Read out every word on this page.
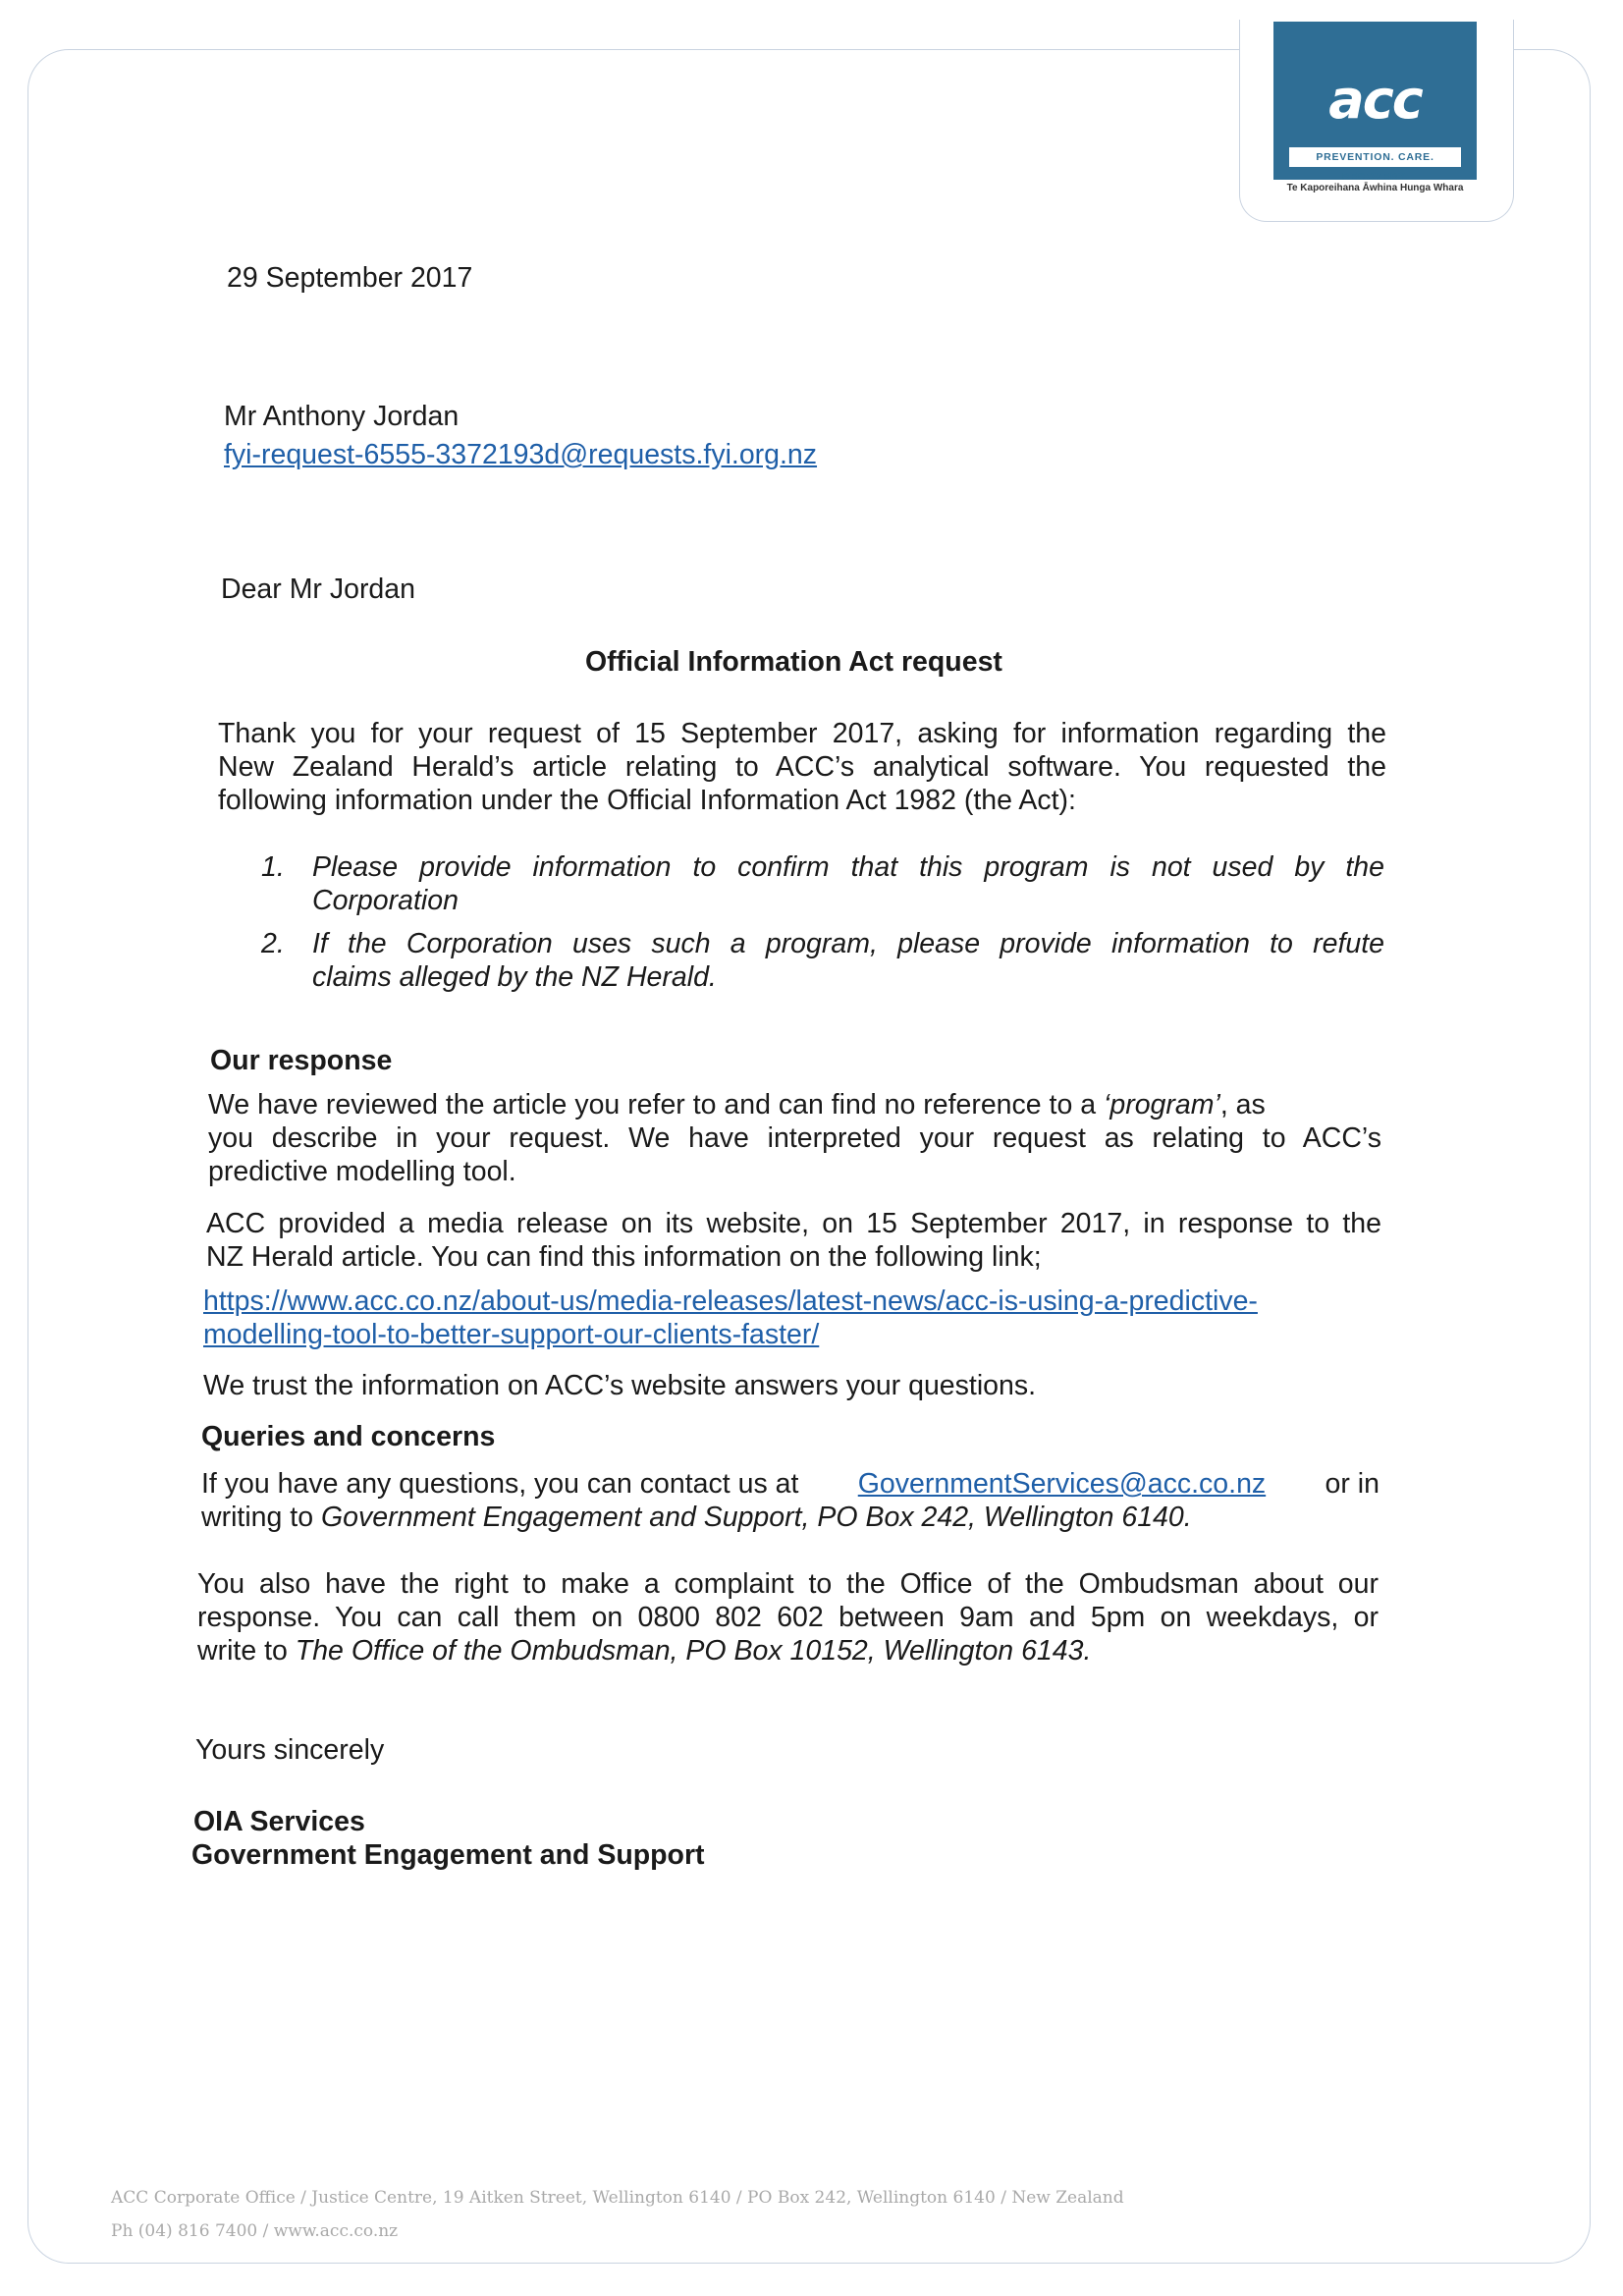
acc
PREVENTION. CARE. RECOVERY.
Te Kaporeihana Āwhina Hunga Whara
29 September 2017
Mr Anthony Jordan
fyi-request-6555-3372193d@requests.fyi.org.nz
Dear Mr Jordan
Official Information Act request
Thank you for your request of 15 September 2017, asking for information regarding the
New Zealand Herald’s article relating to ACC’s analytical software. You requested the
following information under the Official Information Act 1982 (the Act):
1. Please provide information to confirm that this program is not used by the
Corporation
2. If the Corporation uses such a program, please provide information to refute
claims alleged by the NZ Herald.
Our response
We have reviewed the article you refer to and can find no reference to a ‘program’, as
you describe in your request. We have interpreted your request as relating to ACC’s
predictive modelling tool.
ACC provided a media release on its website, on 15 September 2017, in response to the
NZ Herald article. You can find this information on the following link;
https://www.acc.co.nz/about-us/media-releases/latest-news/acc-is-using-a-predictive-
modelling-tool-to-better-support-our-clients-faster/
We trust the information on ACC’s website answers your questions.
Queries and concerns
If you have any questions, you can contact us at GovernmentServices@acc.co.nz or in
writing to Government Engagement and Support, PO Box 242, Wellington 6140.
You also have the right to make a complaint to the Office of the Ombudsman about our
response. You can call them on 0800 802 602 between 9am and 5pm on weekdays, or
write to The Office of the Ombudsman, PO Box 10152, Wellington 6143.
Yours sincerely
OIA Services
Government Engagement and Support
ACC Corporate Office / Justice Centre, 19 Aitken Street, Wellington 6140 / PO Box 242, Wellington 6140 / New Zealand
Ph (04) 816 7400 / www.acc.co.nz
